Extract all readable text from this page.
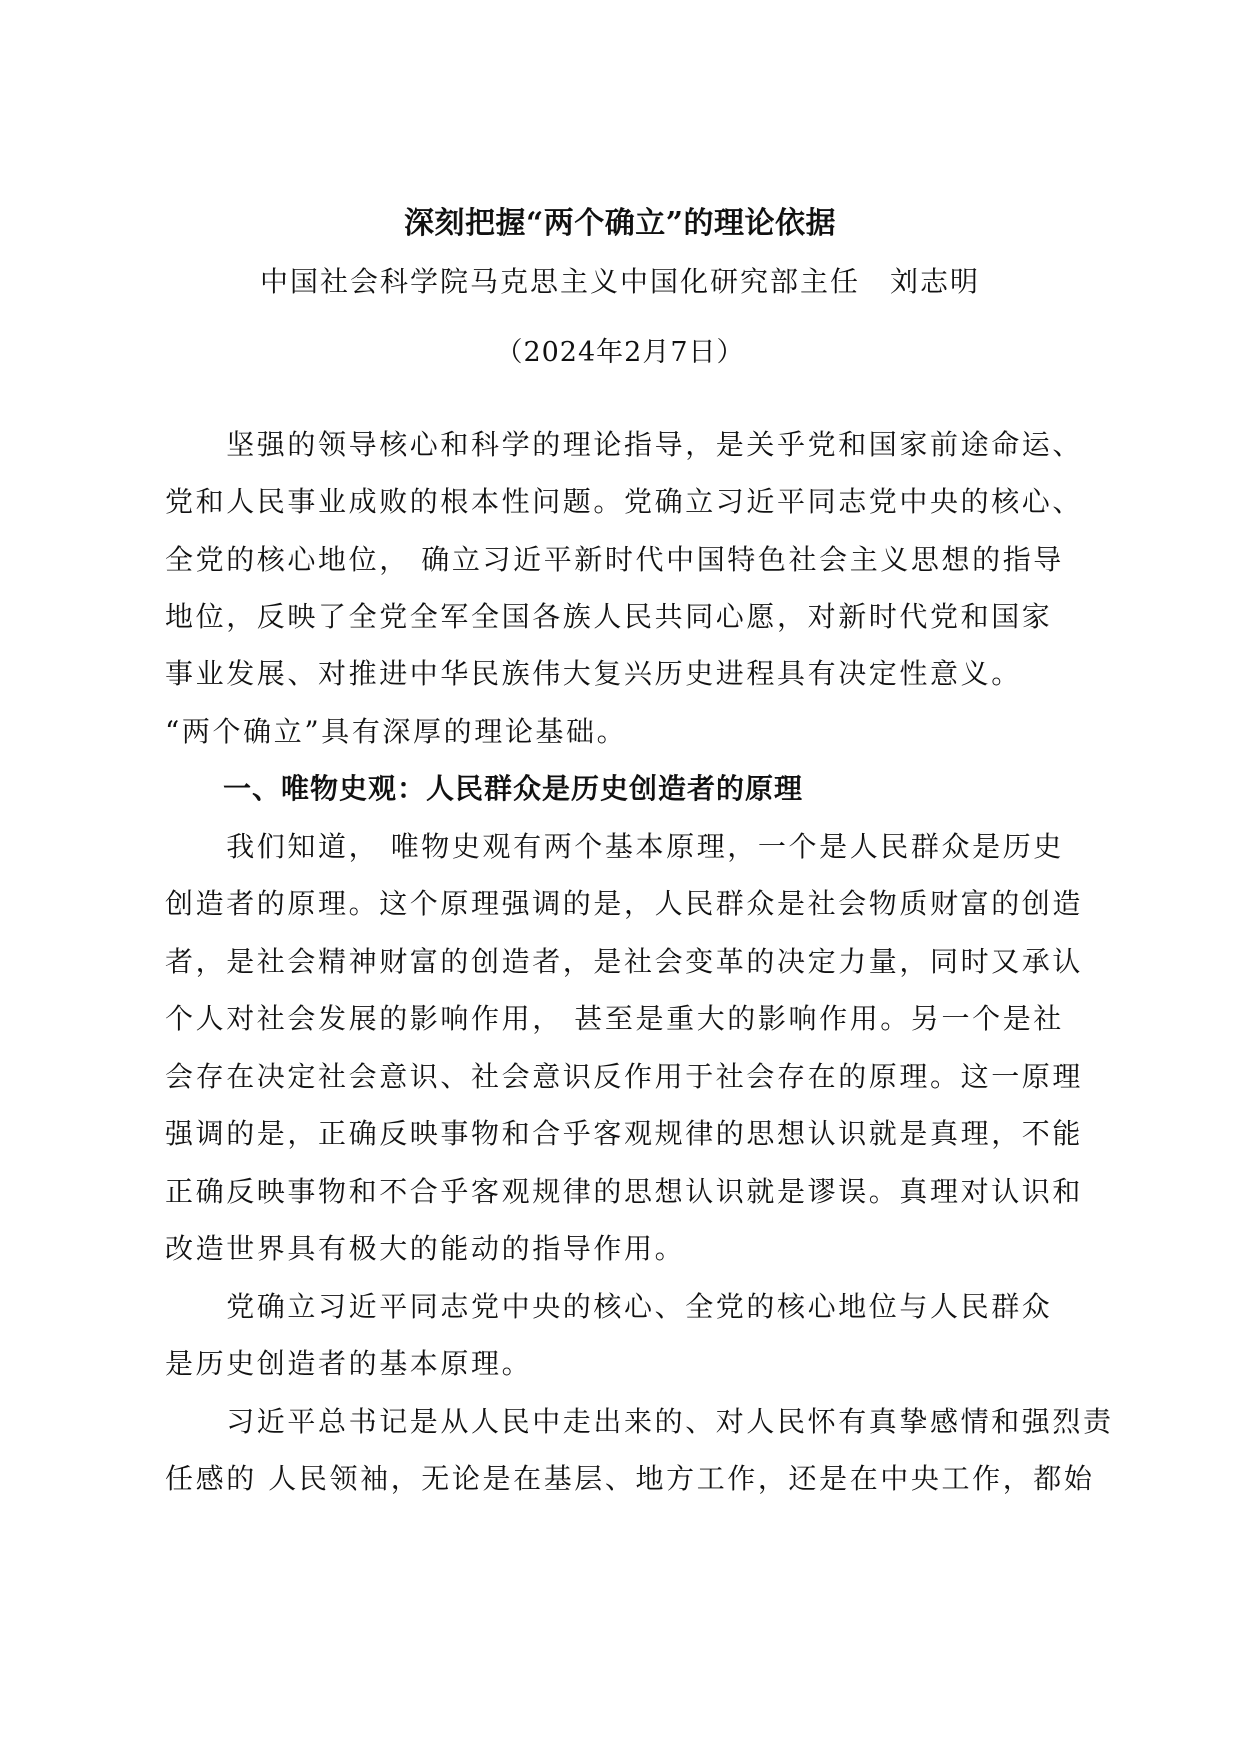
深刻把握“两个确立”的理论依据
中国社会科学院马克思主义中国化研究部主任　刘志明
（2024年2月7日）
　　坚强的领导核心和科学的理论指导，是关乎党和国家前途命运、
党和人民事业成败的根本性问题。党确立习近平同志党中央的核心、
全党的核心地位， 确立习近平新时代中国特色社会主义思想的指导
地位，反映了全党全军全国各族人民共同心愿，对新时代党和国家
事业发展、对推进中华民族伟大复兴历史进程具有决定性意义。
“两个确立”具有深厚的理论基础。
　　一、唯物史观：人民群众是历史创造者的原理
　　我们知道， 唯物史观有两个基本原理，一个是人民群众是历史
创造者的原理。这个原理强调的是，人民群众是社会物质财富的创造
者，是社会精神财富的创造者，是社会变革的决定力量，同时又承认
个人对社会发展的影响作用， 甚至是重大的影响作用。另一个是社
会存在决定社会意识、社会意识反作用于社会存在的原理。这一原理
强调的是，正确反映事物和合乎客观规律的思想认识就是真理，不能
正确反映事物和不合乎客观规律的思想认识就是谬误。真理对认识和
改造世界具有极大的能动的指导作用。
　　党确立习近平同志党中央的核心、全党的核心地位与人民群众
是历史创造者的基本原理。
　　习近平总书记是从人民中走出来的、对人民怀有真挚感情和强烈责
任感的 人民领袖，无论是在基层、地方工作，还是在中央工作，都始
